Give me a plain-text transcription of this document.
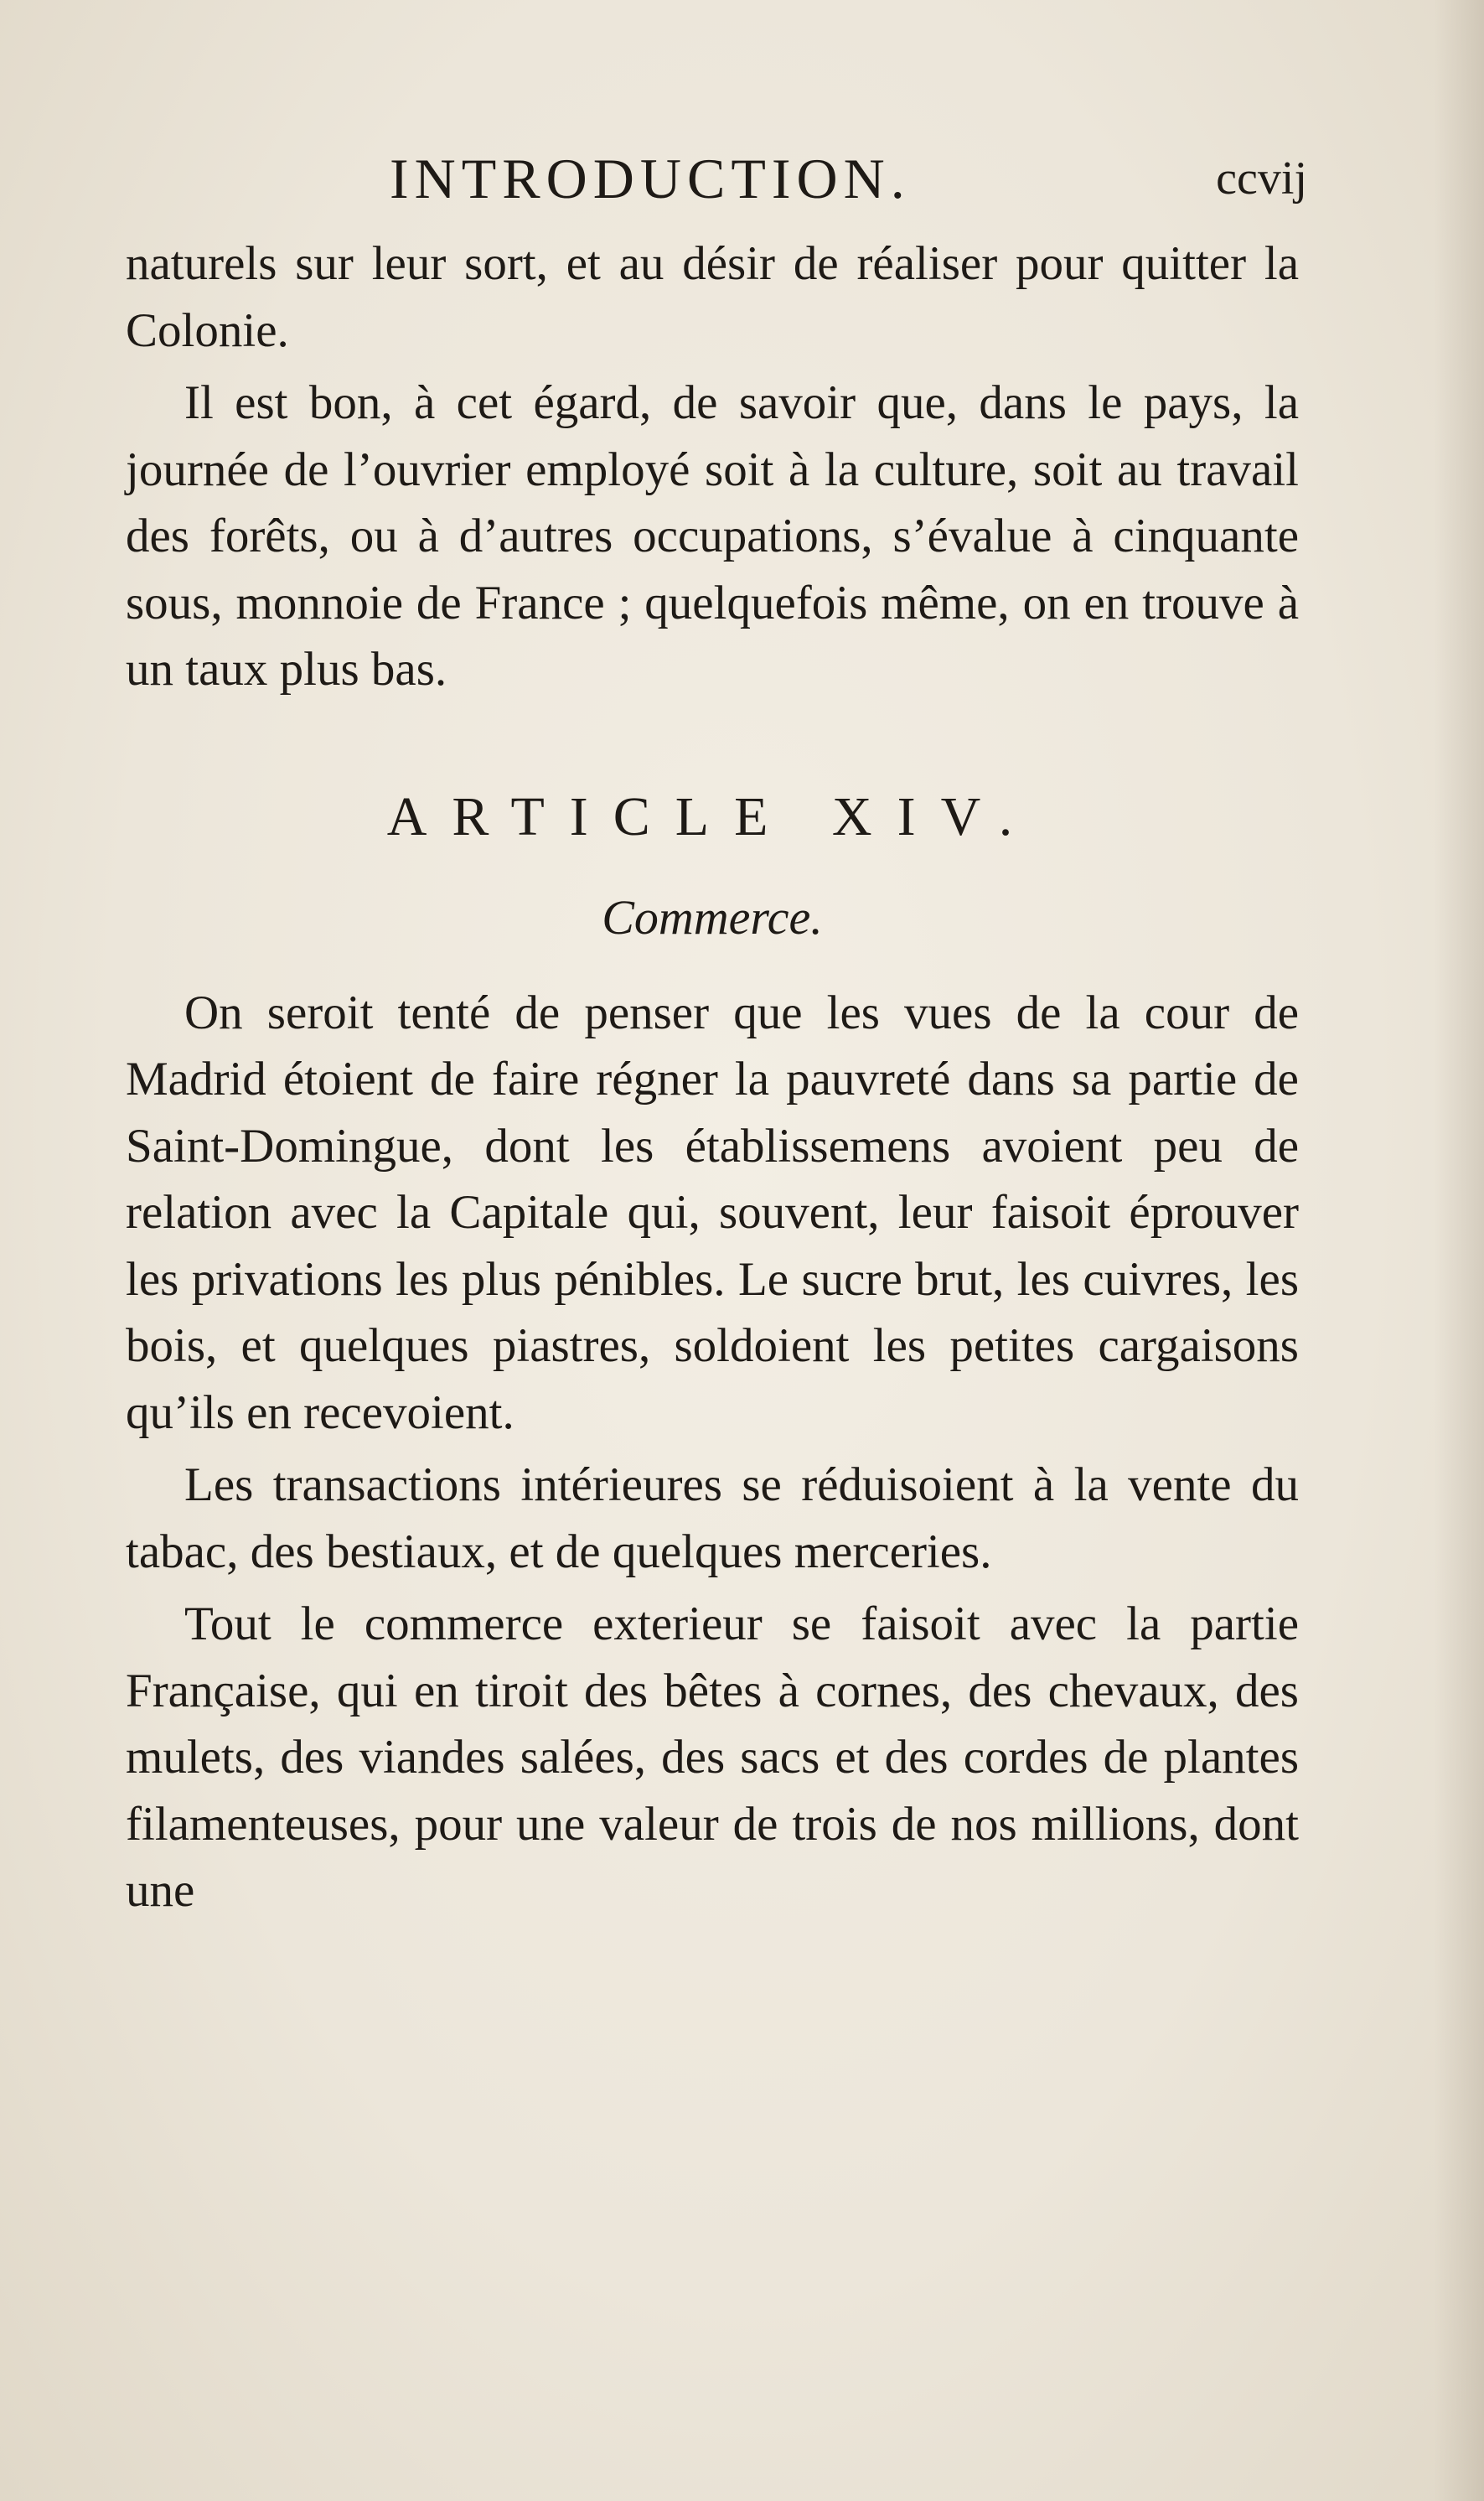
INTRODUCTION.	ccvij

naturels sur leur sort, et au désir de réaliser pour quitter la Colonie.

Il est bon, à cet égard, de savoir que, dans le pays, la journée de l’ouvrier employé soit à la culture, soit au travail des forêts, ou à d’autres occupations, s’évalue à cinquante sous, monnoie de France ; quelquefois même, on en trouve à un taux plus bas.

ARTICLE XIV.

Commerce.

On seroit tenté de penser que les vues de la cour de Madrid étoient de faire régner la pauvreté dans sa partie de Saint-Domingue, dont les établissemens avoient peu de relation avec la Capitale qui, souvent, leur faisoit éprouver les privations les plus pénibles. Le sucre brut, les cuivres, les bois, et quelques piastres, soldoient les petites cargaisons qu’ils en recevoient.

Les transactions intérieures se réduisoient à la vente du tabac, des bestiaux, et de quelques merceries.

Tout le commerce exterieur se faisoit avec la partie Française, qui en tiroit des bêtes à cornes, des chevaux, des mulets, des viandes salées, des sacs et des cordes de plantes filamenteuses, pour une valeur de trois de nos millions, dont une
